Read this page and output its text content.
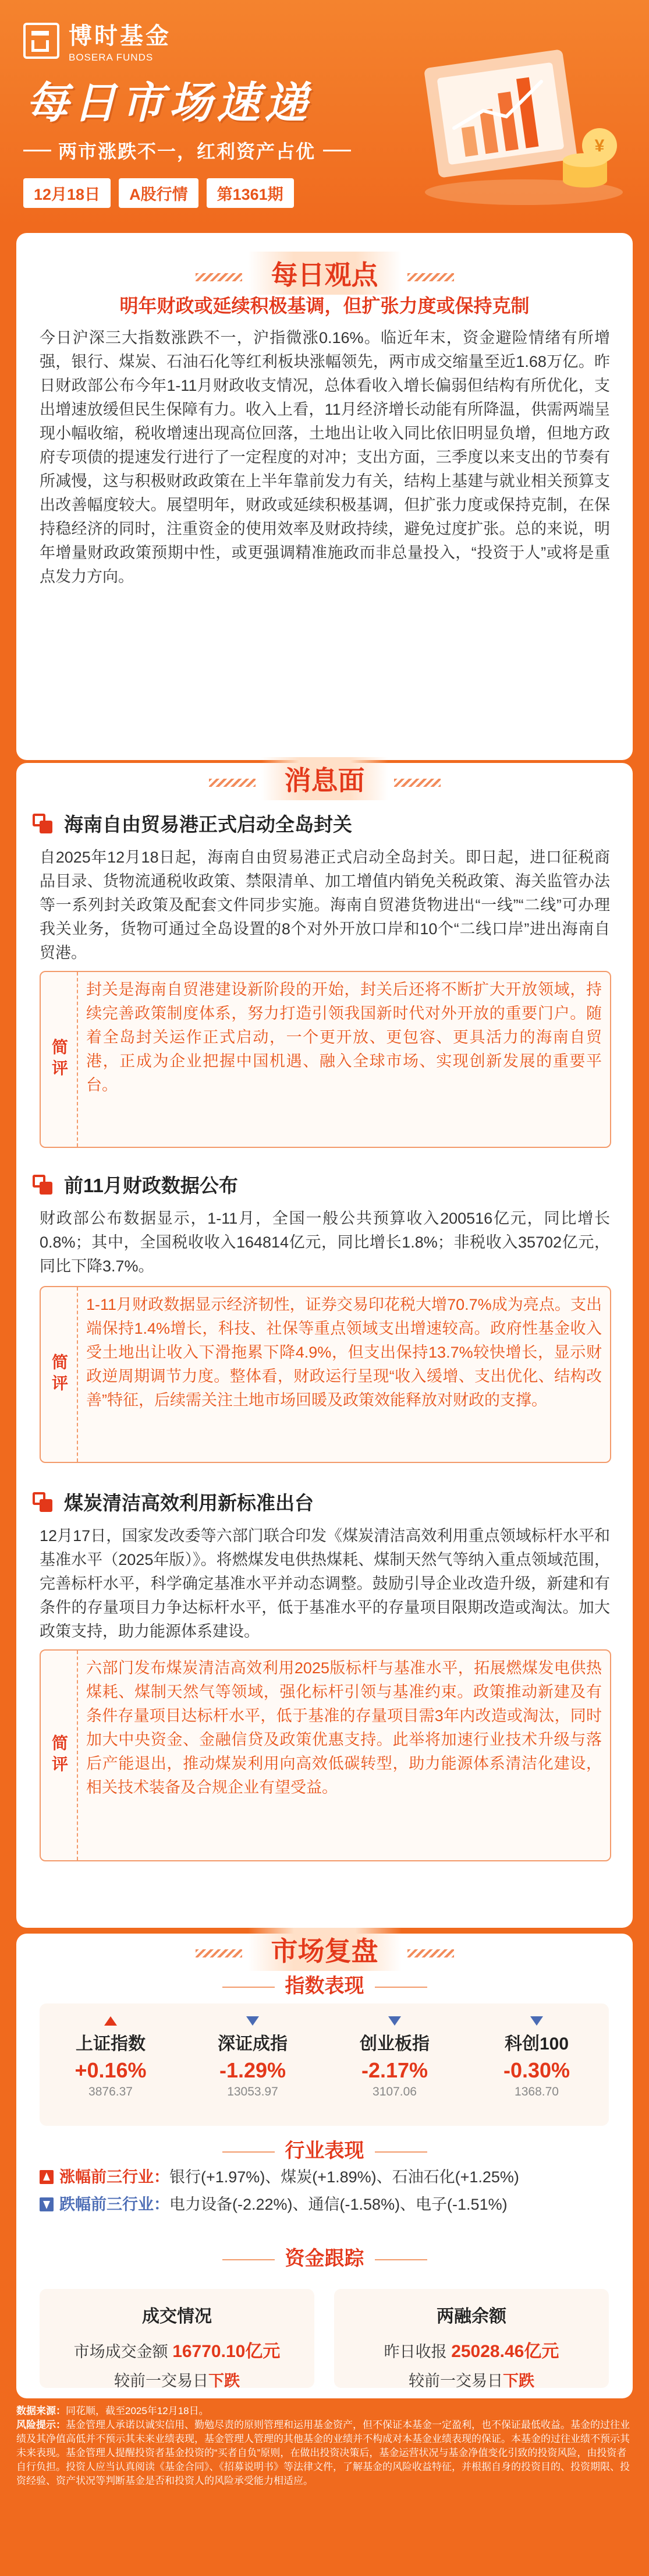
博时基金
BOSERA FUNDS
每日市场速递
两市涨跌不一，红利资产占优
12月18日	A股行情	第1361期
¥
每日观点
明年财政或延续积极基调，但扩张力度或保持克制
今日沪深三大指数涨跌不一，沪指微涨0.16%。临近年末，资金避险情绪有所增强，银行、煤炭、石油石化等红利板块涨幅领先，两市成交缩量至近1.68万亿。昨日财政部公布今年1-11月财政收支情况，总体看收入增长偏弱但结构有所优化，支出增速放缓但民生保障有力。收入上看，11月经济增长动能有所降温，供需两端呈现小幅收缩，税收增速出现高位回落，土地出让收入同比依旧明显负增，但地方政府专项债的提速发行进行了一定程度的对冲；支出方面，三季度以来支出的节奏有所减慢，这与积极财政政策在上半年靠前发力有关，结构上基建与就业相关预算支出改善幅度较大。展望明年，财政或延续积极基调，但扩张力度或保持克制，在保持稳经济的同时，注重资金的使用效率及财政持续，避免过度扩张。总的来说，明年增量财政政策预期中性，或更强调精准施政而非总量投入，“投资于人”或将是重点发力方向。
消息面
海南自由贸易港正式启动全岛封关
自2025年12月18日起，海南自由贸易港正式启动全岛封关。即日起，进口征税商品目录、货物流通税收政策、禁限清单、加工增值内销免关税政策、海关监管办法等一系列封关政策及配套文件同步实施。海南自贸港货物进出“一线”“二线”可办理我关业务，货物可通过全岛设置的8个对外开放口岸和10个“二线口岸”进出海南自贸港。
简评
封关是海南自贸港建设新阶段的开始，封关后还将不断扩大开放领域，持续完善政策制度体系，努力打造引领我国新时代对外开放的重要门户。随着全岛封关运作正式启动，一个更开放、更包容、更具活力的海南自贸港，正成为企业把握中国机遇、融入全球市场、实现创新发展的重要平台。
前11月财政数据公布
财政部公布数据显示，1-11月，全国一般公共预算收入200516亿元，同比增长0.8%；其中，全国税收收入164814亿元，同比增长1.8%；非税收入35702亿元，同比下降3.7%。
简评
1-11月财政数据显示经济韧性，证券交易印花税大增70.7%成为亮点。支出端保持1.4%增长，科技、社保等重点领域支出增速较高。政府性基金收入受土地出让收入下滑拖累下降4.9%，但支出保持13.7%较快增长，显示财政逆周期调节力度。整体看，财政运行呈现“收入缓增、支出优化、结构改善”特征，后续需关注土地市场回暖及政策效能释放对财政的支撑。
煤炭清洁高效利用新标准出台
12月17日，国家发改委等六部门联合印发《煤炭清洁高效利用重点领域标杆水平和基准水平（2025年版）》。将燃煤发电供热煤耗、煤制天然气等纳入重点领域范围，完善标杆水平，科学确定基准水平并动态调整。鼓励引导企业改造升级，新建和有条件的存量项目力争达标杆水平，低于基准水平的存量项目限期改造或淘汰。加大政策支持，助力能源体系建设。
简评
六部门发布煤炭清洁高效利用2025版标杆与基准水平，拓展燃煤发电供热煤耗、煤制天然气等领域，强化标杆引领与基准约束。政策推动新建及有条件存量项目达标杆水平，低于基准的存量项目需3年内改造或淘汰，同时加大中央资金、金融信贷及政策优惠支持。此举将加速行业技术升级与落后产能退出，推动煤炭利用向高效低碳转型，助力能源体系清洁化建设，相关技术装备及合规企业有望受益。
市场复盘
指数表现
上证指数
+0.16%
3876.37
深证成指
-1.29%
13053.97
创业板指
-2.17%
3107.06
科创100
-0.30%
1368.70
行业表现
涨幅前三行业： 银行(+1.97%)、煤炭(+1.89%)、石油石化(+1.25%)
跌幅前三行业： 电力设备(-2.22%)、通信(-1.58%)、电子(-1.51%)
资金跟踪
成交情况
市场成交金额 16770.10亿元
较前一交易日下跌
两融余额
昨日收报 25028.46亿元
较前一交易日下跌
数据来源：同花顺，截至2025年12月18日。
风险提示：基金管理人承诺以诚实信用、勤勉尽责的原则管理和运用基金资产，但不保证本基金一定盈利，也不保证最低收益。基金的过往业绩及其净值高低并不预示其未来业绩表现，基金管理人管理的其他基金的业绩并不构成对本基金业绩表现的保证。本基金的过往业绩不预示其未来表现。基金管理人提醒投资者基金投资的“买者自负”原则，在做出投资决策后，基金运营状况与基金净值变化引致的投资风险，由投资者自行负担。投资人应当认真阅读《基金合同》、《招募说明书》等法律文件，了解基金的风险收益特征，并根据自身的投资目的、投资期限、投资经验、资产状况等判断基金是否和投资人的风险承受能力相适应。
